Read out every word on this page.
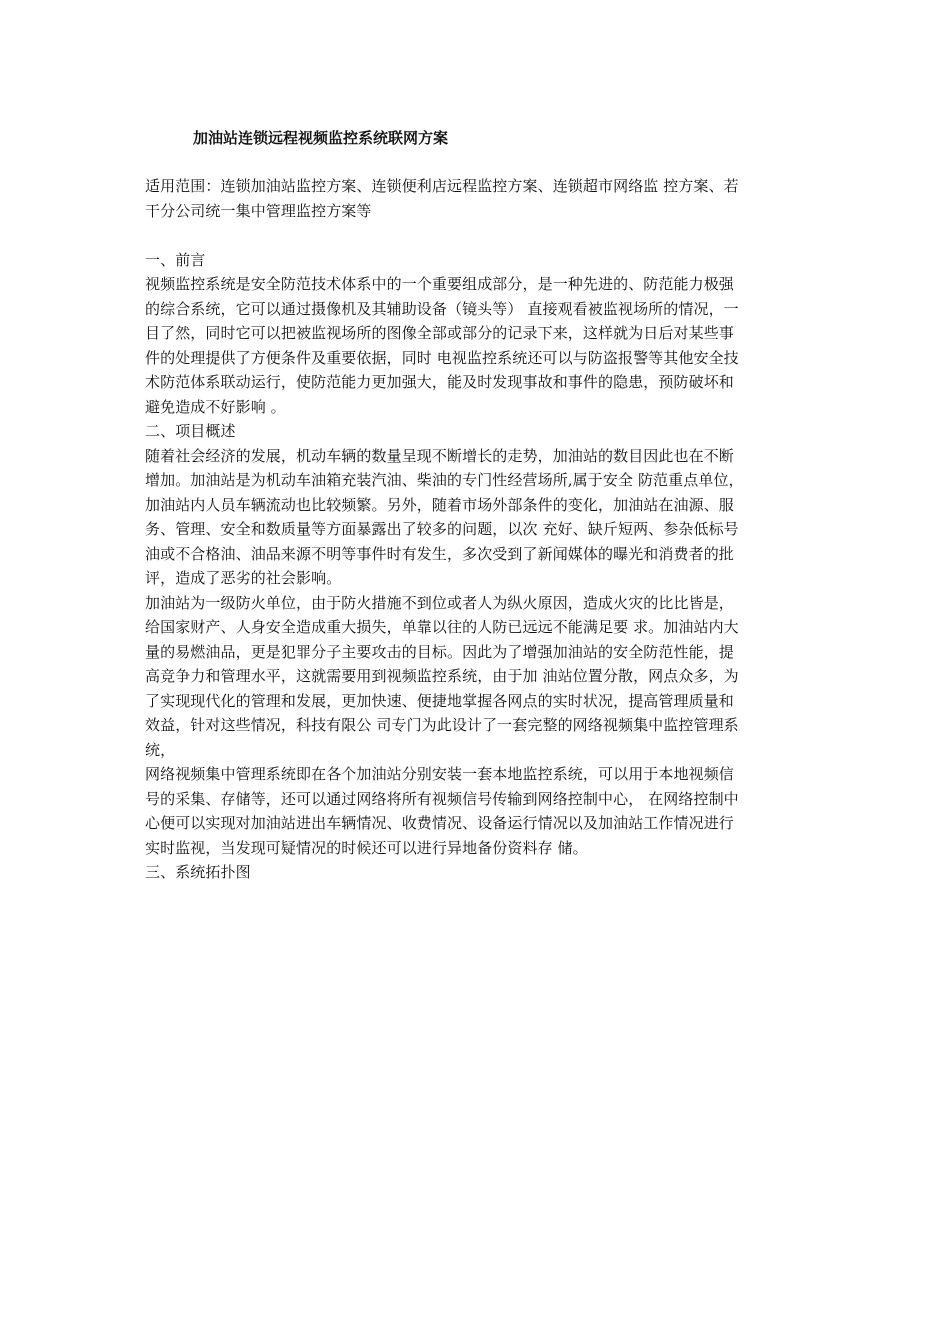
加油站连锁远程视频监控系统联网方案
适用范围：连锁加油站监控方案、连锁便利店远程监控方案、连锁超市网络监 控方案、若
干分公司统一集中管理监控方案等
一、前言
视频监控系统是安全防范技术体系中的一个重要组成部分，是一种先进的、防范能力极强
的综合系统，它可以通过摄像机及其辅助设备（镜头等） 直接观看被监视场所的情况，一
目了然，同时它可以把被监视场所的图像全部或部分的记录下来，这样就为日后对某些事
件的处理提供了方便条件及重要依据，同时 电视监控系统还可以与防盗报警等其他安全技
术防范体系联动运行，使防范能力更加强大，能及时发现事故和事件的隐患，预防破坏和
避免造成不好影响 。
二、项目概述
随着社会经济的发展，机动车辆的数量呈现不断增长的走势，加油站的数目因此也在不断
增加。加油站是为机动车油箱充装汽油、柴油的专门性经营场所,属于安全 防范重点单位，
加油站内人员车辆流动也比较频繁。另外，随着市场外部条件的变化，加油站在油源、服
务、管理、安全和数质量等方面暴露出了较多的问题，以次 充好、缺斤短两、参杂低标号
油或不合格油、油品来源不明等事件时有发生，多次受到了新闻媒体的曝光和消费者的批
评，造成了恶劣的社会影响。
加油站为一级防火单位，由于防火措施不到位或者人为纵火原因，造成火灾的比比皆是，
给国家财产、人身安全造成重大损失，单靠以往的人防已远远不能满足要 求。加油站内大
量的易燃油品，更是犯罪分子主要攻击的目标。因此为了增强加油站的安全防范性能，提
高竞争力和管理水平，这就需要用到视频监控系统，由于加 油站位置分散，网点众多，为
了实现现代化的管理和发展，更加快速、便捷地掌握各网点的实时状况，提高管理质量和
效益，针对这些情况，科技有限公 司专门为此设计了一套完整的网络视频集中监控管理系
统，
网络视频集中管理系统即在各个加油站分别安装一套本地监控系统，可以用于本地视频信
号的采集、存储等，还可以通过网络将所有视频信号传输到网络控制中心， 在网络控制中
心便可以实现对加油站进出车辆情况、收费情况、设备运行情况以及加油站工作情况进行
实时监视，当发现可疑情况的时候还可以进行异地备份资料存 储。
三、系统拓扑图
